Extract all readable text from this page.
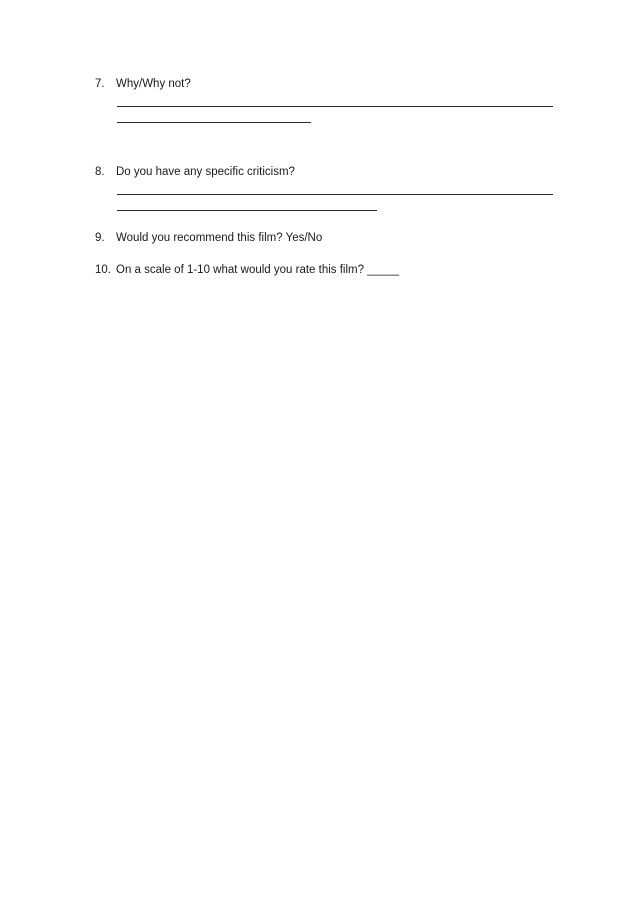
7. Why/Why not?
8. Do you have any specific criticism?
9. Would you recommend this film? Yes/No
10. On a scale of 1-10 what would you rate this film? _____
